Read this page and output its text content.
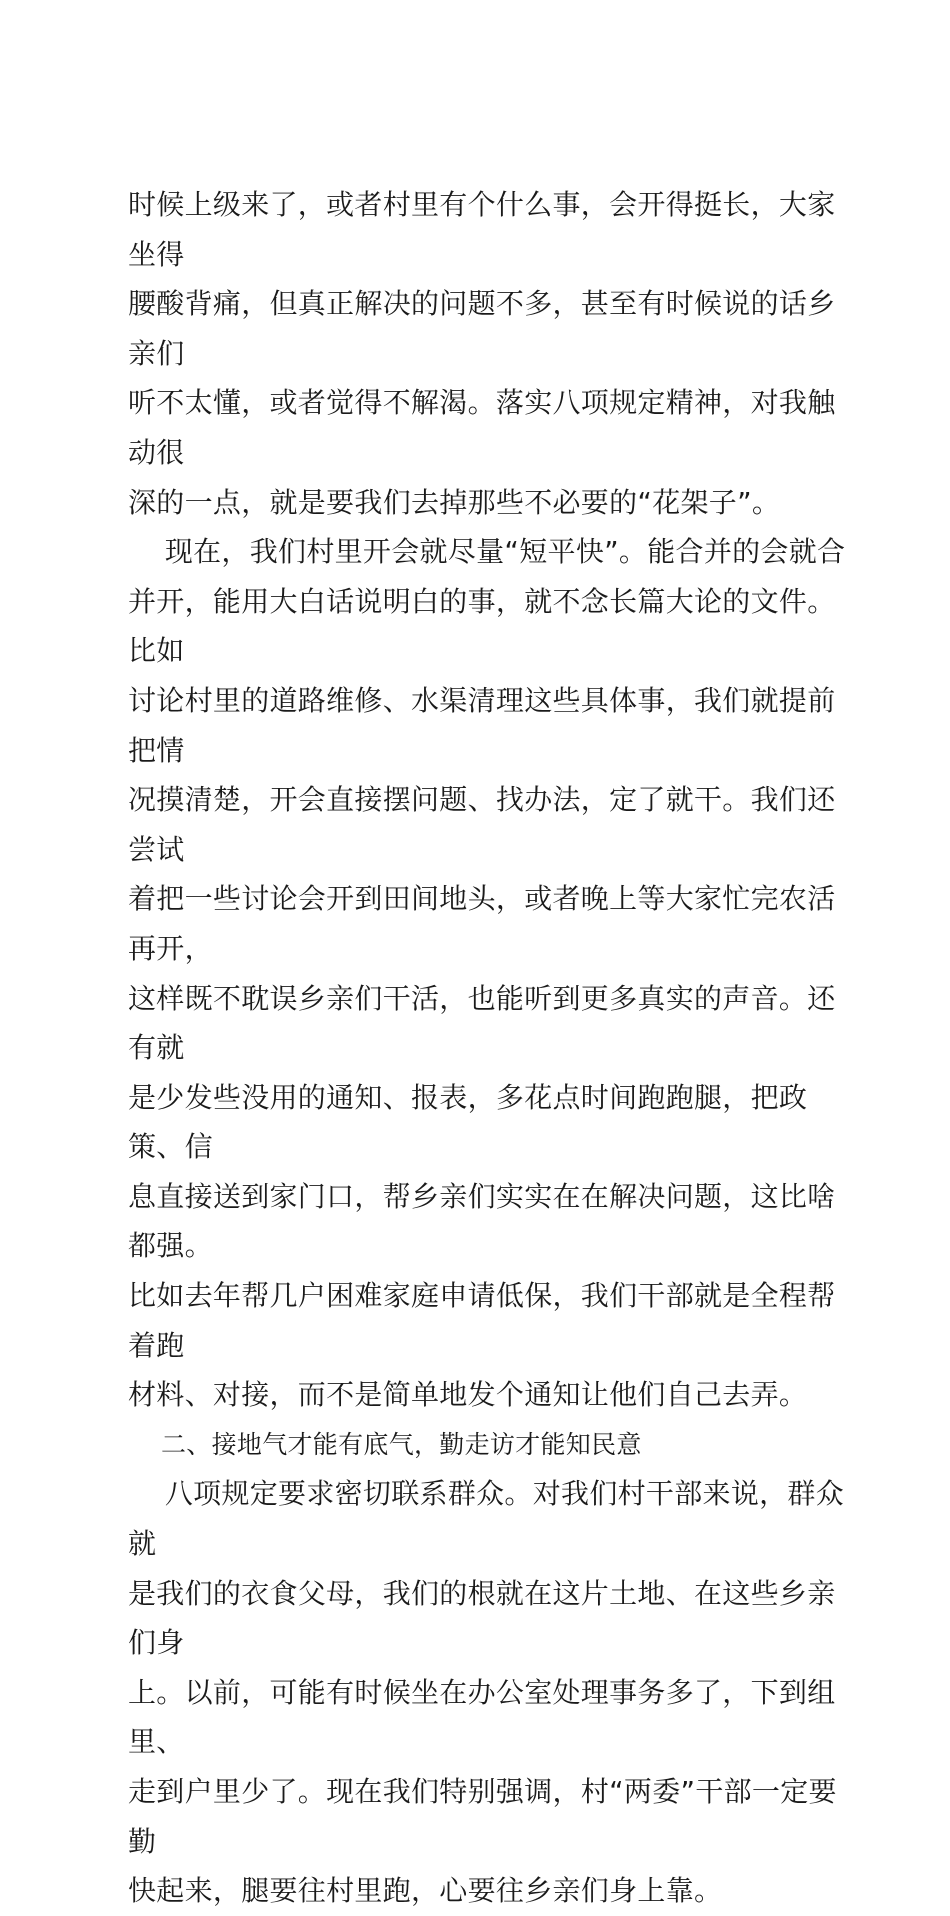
时候上级来了，或者村里有个什么事，会开得挺长，大家坐得
腰酸背痛，但真正解决的问题不多，甚至有时候说的话乡亲们
听不太懂，或者觉得不解渴。落实八项规定精神，对我触动很
深的一点，就是要我们去掉那些不必要的“花架子”。

现在，我们村里开会就尽量“短平快”。能合并的会就合
并开，能用大白话说明白的事，就不念长篇大论的文件。比如
讨论村里的道路维修、水渠清理这些具体事，我们就提前把情
况摸清楚，开会直接摆问题、找办法，定了就干。我们还尝试
着把一些讨论会开到田间地头，或者晚上等大家忙完农活再开，
这样既不耽误乡亲们干活，也能听到更多真实的声音。还有就
是少发些没用的通知、报表，多花点时间跑跑腿，把政策、信
息直接送到家门口，帮乡亲们实实在在解决问题，这比啥都强。
比如去年帮几户困难家庭申请低保，我们干部就是全程帮着跑
材料、对接，而不是简单地发个通知让他们自己去弄。

二、接地气才能有底气，勤走访才能知民意

八项规定要求密切联系群众。对我们村干部来说，群众就
是我们的衣食父母，我们的根就在这片土地、在这些乡亲们身
上。以前，可能有时候坐在办公室处理事务多了，下到组里、
走到户里少了。现在我们特别强调，村“两委”干部一定要勤
快起来，腿要往村里跑，心要往乡亲们身上靠。
